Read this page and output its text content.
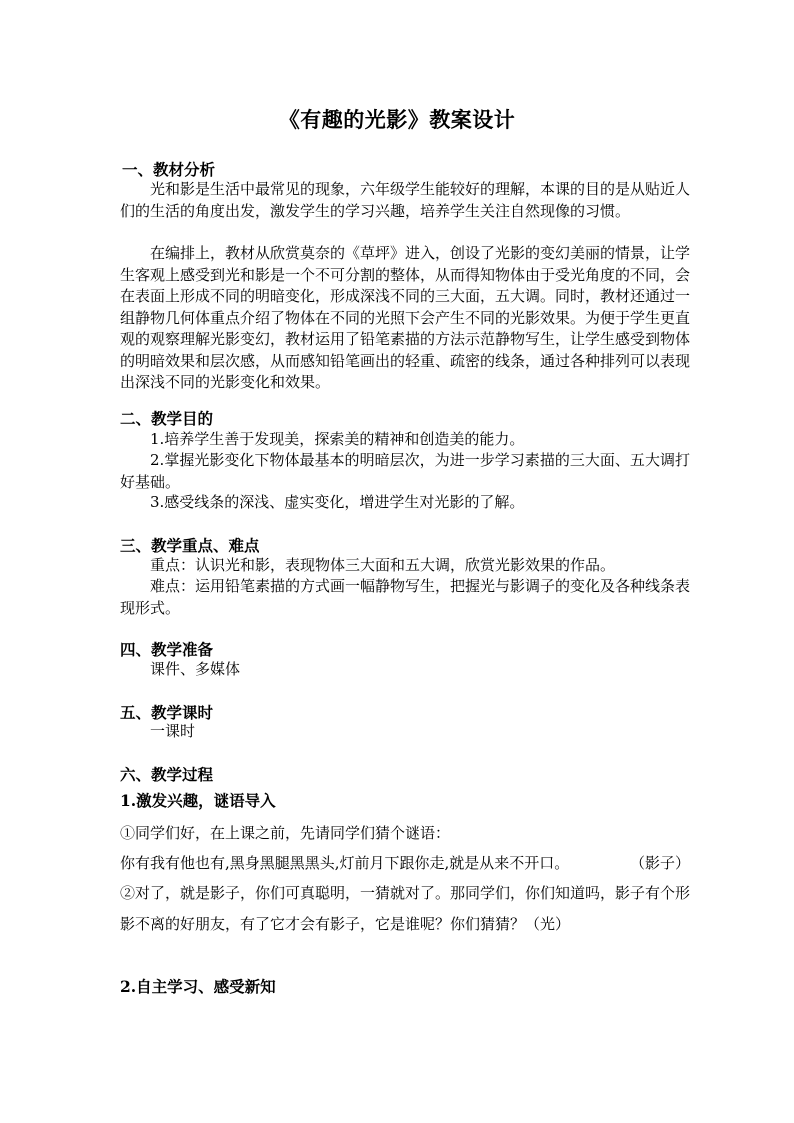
《有趣的光影》教案设计
一、教材分析

光和影是生活中最常见的现象，六年级学生能较好的理解，本课的目的是从贴近人们的生活的角度出发，激发学生的学习兴趣，培养学生关注自然现像的习惯。

在编排上，教材从欣赏莫奈的《草坪》进入，创设了光影的变幻美丽的情景，让学生客观上感受到光和影是一个不可分割的整体，从而得知物体由于受光角度的不同，会在表面上形成不同的明暗变化，形成深浅不同的三大面，五大调。同时，教材还通过一组静物几何体重点介绍了物体在不同的光照下会产生不同的光影效果。为便于学生更直观的观察理解光影变幻，教材运用了铅笔素描的方法示范静物写生，让学生感受到物体的明暗效果和层次感，从而感知铅笔画出的轻重、疏密的线条，通过各种排列可以表现出深浅不同的光影变化和效果。

二、教学目的

1.培养学生善于发现美，探索美的精神和创造美的能力。

2.掌握光影变化下物体最基本的明暗层次，为进一步学习素描的三大面、五大调打好基础。

3.感受线条的深浅、虚实变化，增进学生对光影的了解。

三、教学重点、难点

重点：认识光和影，表现物体三大面和五大调，欣赏光影效果的作品。

难点：运用铅笔素描的方式画一幅静物写生，把握光与影调子的变化及各种线条表现形式。

四、教学准备

课件、多媒体

五、教学课时

一课时

六、教学过程
1.激发兴趣，谜语导入

①同学们好，在上课之前，先请同学们猜个谜语：

你有我有他也有,黑身黑腿黑黑头,灯前月下跟你走,就是从来不开口。	（影子）

②对了，就是影子，你们可真聪明，一猜就对了。那同学们，你们知道吗，影子有个形影不离的好朋友，有了它才会有影子，它是谁呢？你们猜猜？（光）

2.自主学习、感受新知
